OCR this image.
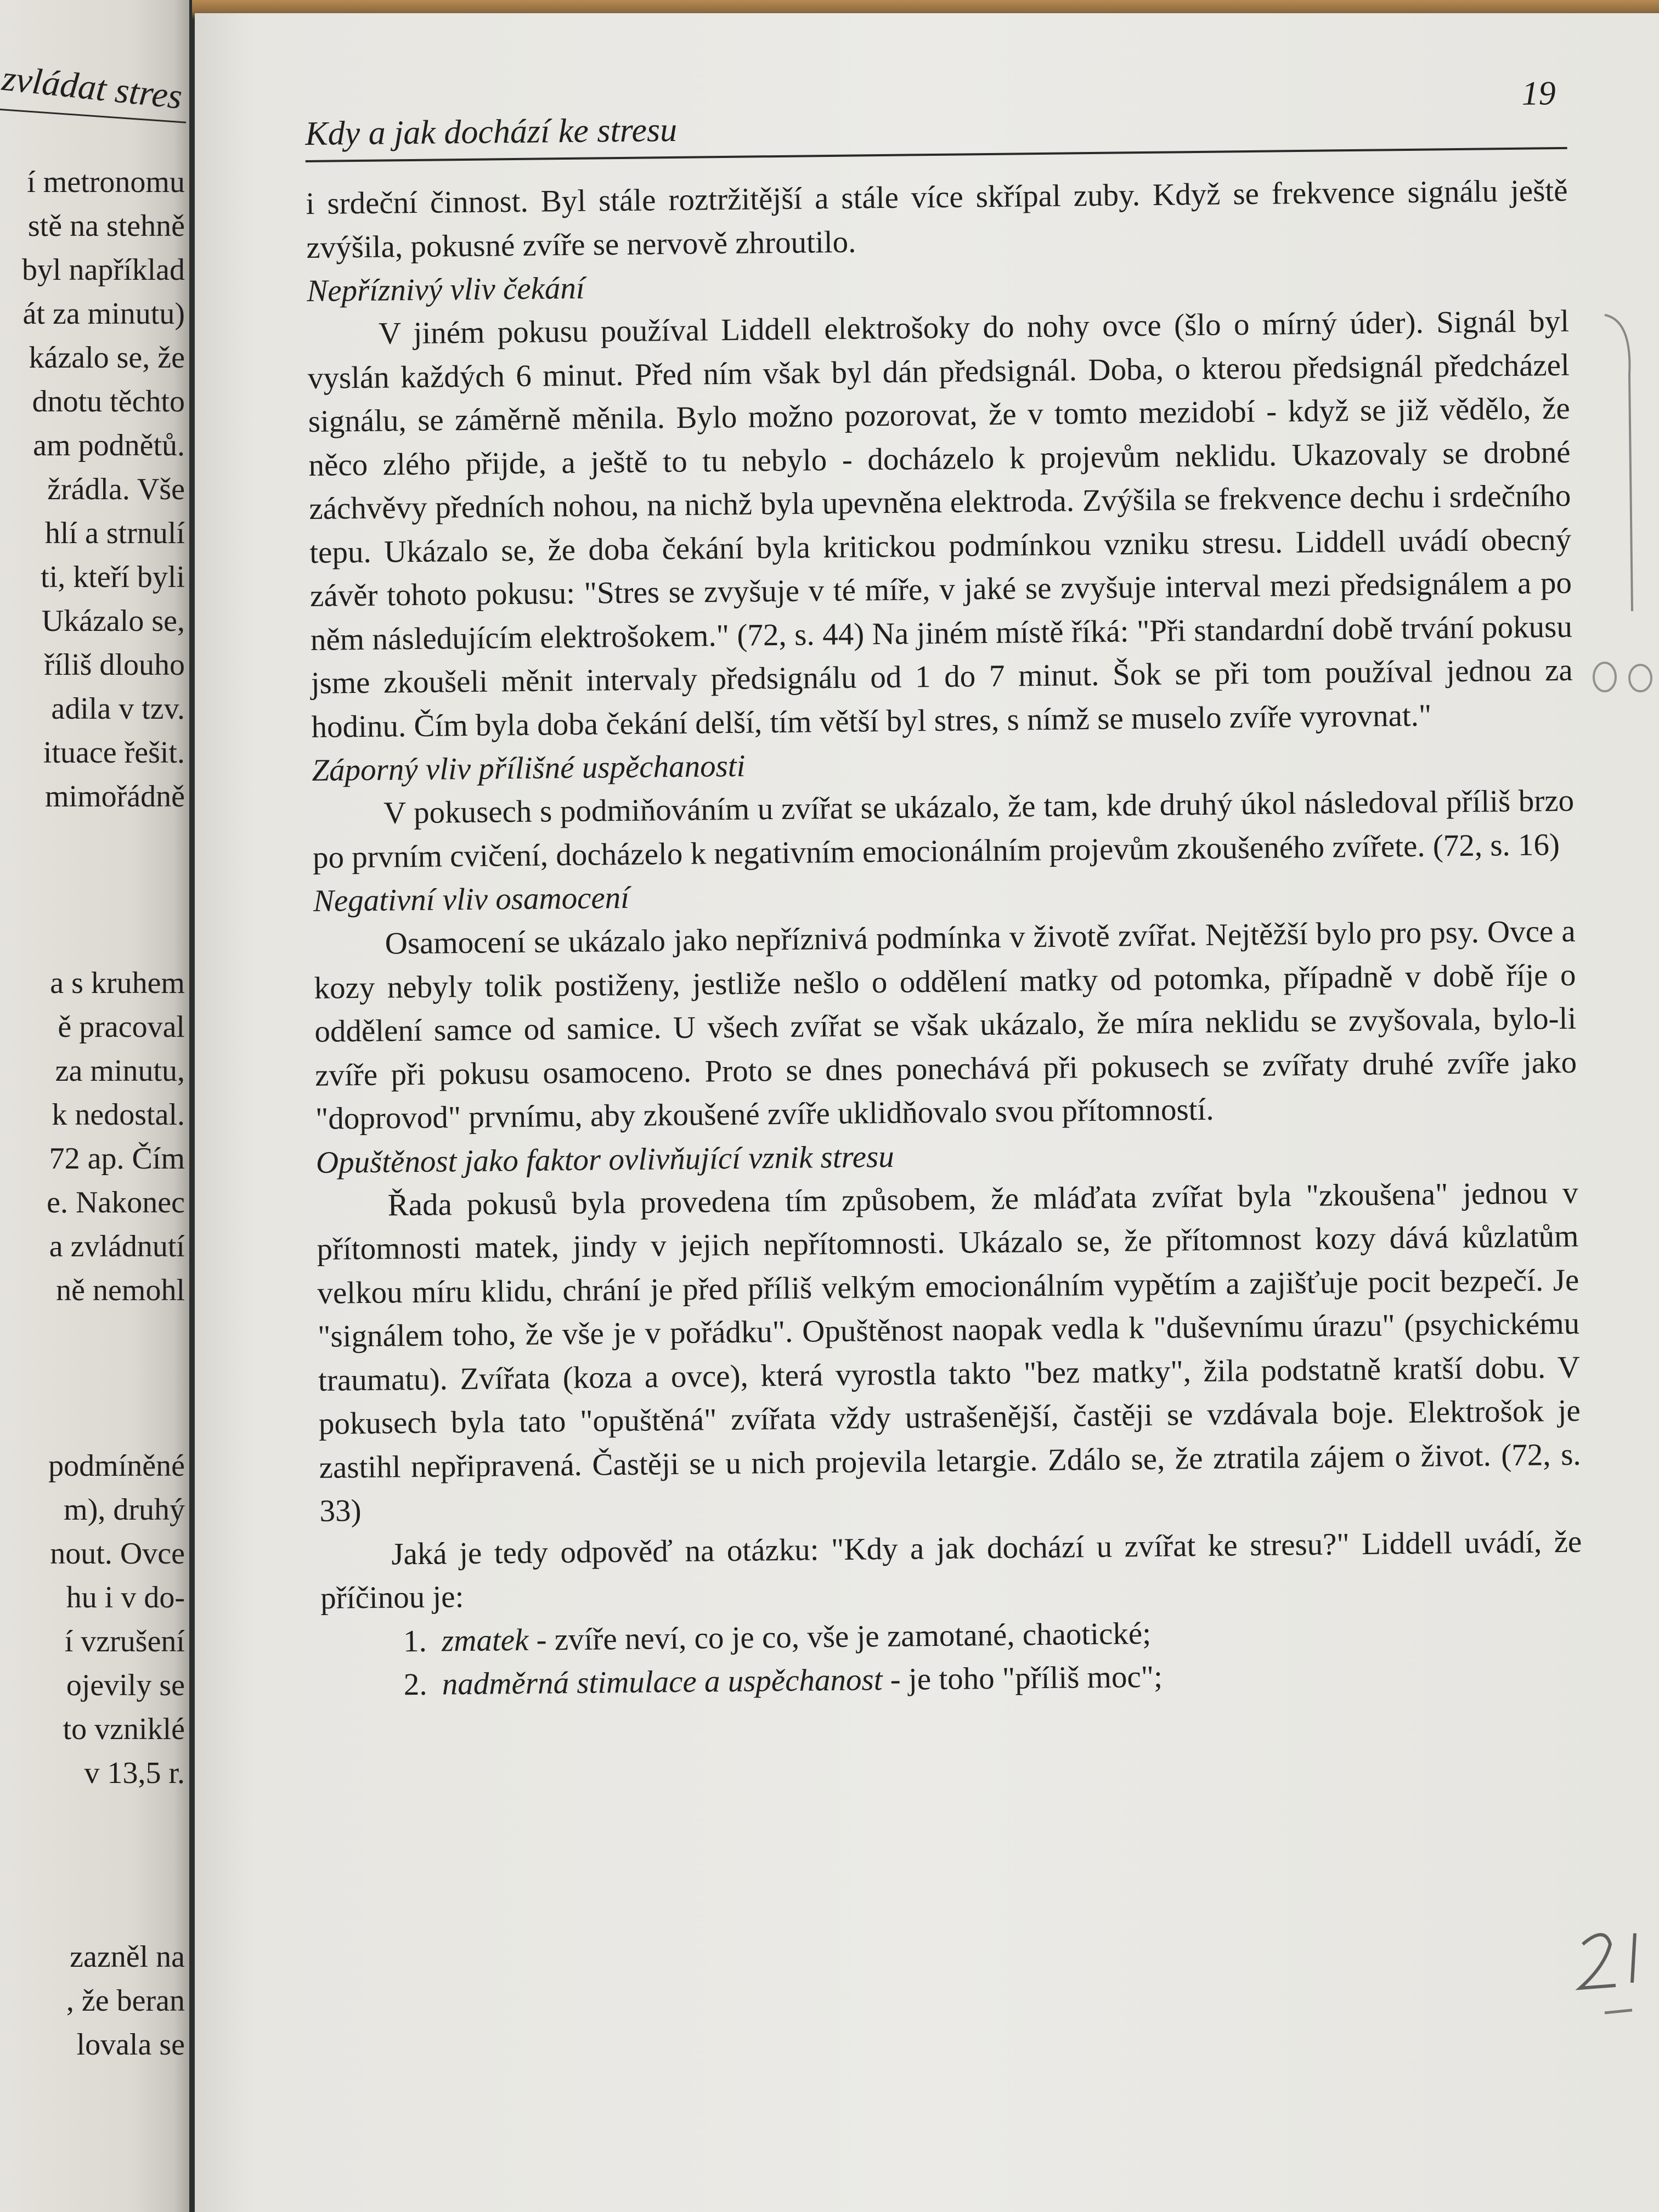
zvládat stres
í metronomu
stě na stehně
byl například
át za minutu)
kázalo se, že
dnotu těchto
am podnětů.
žrádla. Vše
hlí a strnulí
ti, kteří byli
Ukázalo se,
říliš dlouho
adila v tzv.
ituace řešit.
mimořádně
a s kruhem
ě pracoval
za minutu,
k nedostal.
72 ap. Čím
e. Nakonec
a zvládnutí
ně nemohl
podmíněné
m), druhý
nout. Ovce
hu i v do-
í vzrušení
ojevily se
to vzniklé
v 13,5 r.
zazněl na
, že beran
lovala se
Kdy a jak dochází ke stresu
19

i srdeční činnost. Byl stále roztržitější a stále více skřípal zuby. Když se frekvence signálu ještě zvýšila, pokusné zvíře se nervově zhroutilo.

Nepříznivý vliv čekání

V jiném pokusu používal Liddell elektrošoky do nohy ovce (šlo o mírný úder). Signál byl vyslán každých 6 minut. Před ním však byl dán předsignál. Doba, o kterou předsignál předcházel signálu, se záměrně měnila. Bylo možno pozorovat, že v tomto mezidobí - když se již vědělo, že něco zlého přijde, a ještě to tu nebylo - docházelo k projevům neklidu. Ukazovaly se drobné záchvěvy předních nohou, na nichž byla upevněna elektroda. Zvýšila se frekvence dechu i srdečního tepu. Ukázalo se, že doba čekání byla kritickou podmínkou vzniku stresu. Liddell uvádí obecný závěr tohoto pokusu: "Stres se zvyšuje v té míře, v jaké se zvyšuje interval mezi předsignálem a po něm následujícím elektrošokem." (72, s. 44) Na jiném místě říká: "Při standardní době trvání pokusu jsme zkoušeli měnit intervaly předsignálu od 1 do 7 minut. Šok se při tom používal jednou za hodinu. Čím byla doba čekání delší, tím větší byl stres, s nímž se muselo zvíře vyrovnat."

Záporný vliv přílišné uspěchanosti

V pokusech s podmiňováním u zvířat se ukázalo, že tam, kde druhý úkol následoval příliš brzo po prvním cvičení, docházelo k negativním emocionálním projevům zkoušeného zvířete. (72, s. 16)

Negativní vliv osamocení

Osamocení se ukázalo jako nepříznivá podmínka v životě zvířat. Nejtěžší bylo pro psy. Ovce a kozy nebyly tolik postiženy, jestliže nešlo o oddělení matky od potomka, případně v době říje o oddělení samce od samice. U všech zvířat se však ukázalo, že míra neklidu se zvyšovala, bylo-li zvíře při pokusu osamoceno. Proto se dnes ponechává při pokusech se zvířaty druhé zvíře jako "doprovod" prvnímu, aby zkoušené zvíře uklidňovalo svou přítomností.

Opuštěnost jako faktor ovlivňující vznik stresu

Řada pokusů byla provedena tím způsobem, že mláďata zvířat byla "zkoušena" jednou v přítomnosti matek, jindy v jejich nepřítomnosti. Ukázalo se, že přítomnost kozy dává kůzlatům velkou míru klidu, chrání je před příliš velkým emocionálním vypětím a zajišťuje pocit bezpečí. Je "signálem toho, že vše je v pořádku". Opuštěnost naopak vedla k "duševnímu úrazu" (psychickému traumatu). Zvířata (koza a ovce), která vyrostla takto "bez matky", žila podstatně kratší dobu. V pokusech byla tato "opuštěná" zvířata vždy ustrašenější, častěji se vzdávala boje. Elektrošok je zastihl nepřipravená. Častěji se u nich projevila letargie. Zdálo se, že ztratila zájem o život. (72, s. 33)

Jaká je tedy odpověď na otázku: "Kdy a jak dochází u zvířat ke stresu?" Liddell uvádí, že příčinou je:

1. zmatek - zvíře neví, co je co, vše je zamotané, chaotické;
2. nadměrná stimulace a uspěchanost - je toho "příliš moc";
